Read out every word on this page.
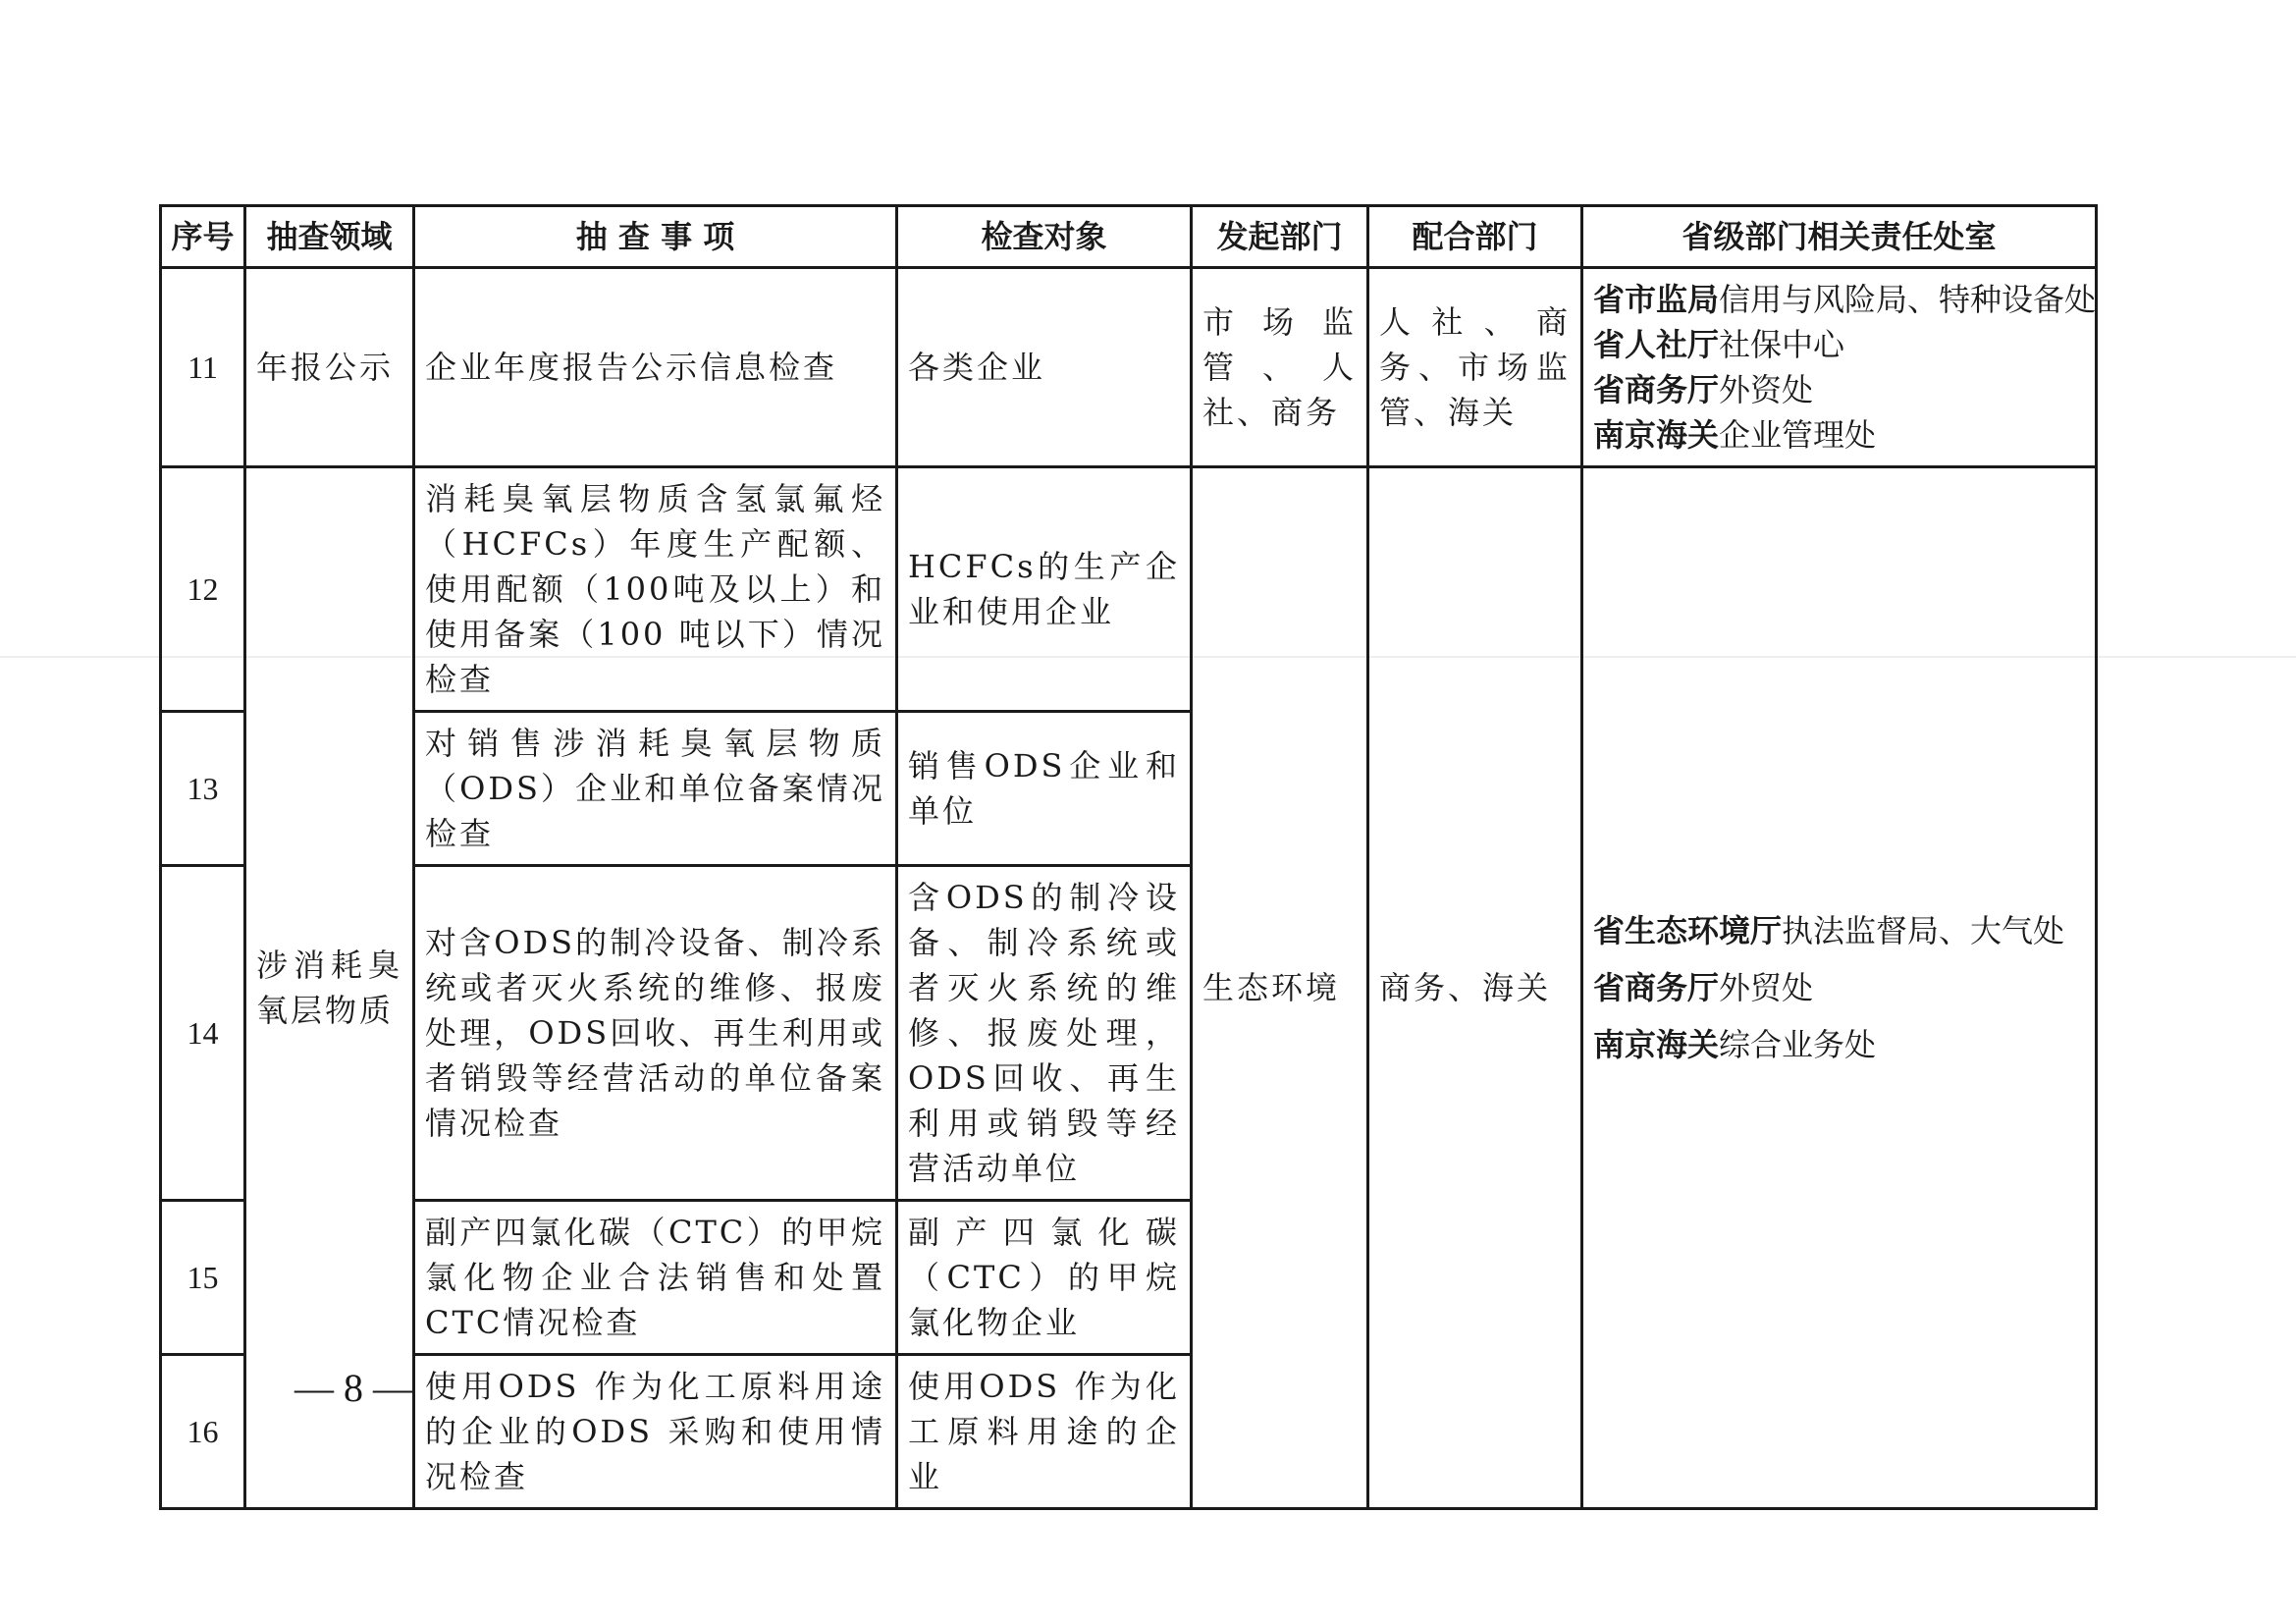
序号	抽查领域	抽 查 事 项	检查对象	发起部门	配合部门	省级部门相关责任处室
11	年报公示	企业年度报告公示信息检查	各类企业	市场监管、人社、商务	人社、商务、市场监管、海关	省市监局信用与风险局、特种设备处
省人社厅社保中心
省商务厅外资处
南京海关企业管理处

12	涉消耗臭氧层物质	消耗臭氧层物质含氢氯氟烃（HCFCs）年度生产配额、使用配额（100吨及以上）和使用备案（100 吨以下）情况检查	HCFCs的生产企业和使用企业	生态环境	商务、海关	省生态环境厅执法监督局、大气处
省商务厅外贸处
南京海关综合业务处

13		对销售涉消耗臭氧层物质（ODS）企业和单位备案情况检查	销售ODS企业和单位			
14		对含ODS的制冷设备、制冷系统或者灭火系统的维修、报废处理，ODS回收、再生利用或者销毁等经营活动的单位备案情况检查	含ODS的制冷设备、制冷系统或者灭火系统的维修、报废处理，ODS回收、再生利用或销毁等经营活动单位			
15		副产四氯化碳（CTC）的甲烷氯化物企业合法销售和处置CTC情况检查	副产四氯化碳（CTC）的甲烷氯化物企业			
16		使用ODS 作为化工原料用途的企业的ODS 采购和使用情况检查	使用ODS 作为化工原料用途的企业			
— 8 —
